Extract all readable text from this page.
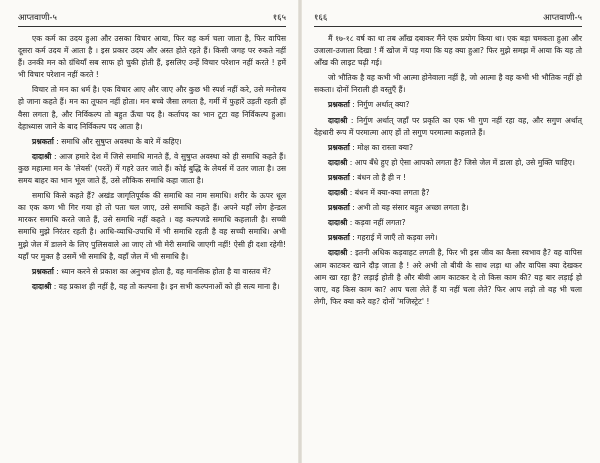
आप्तवाणी-५	१६५

एक कर्म का उदय हुआ और उसका विचार आया, फिर वह कर्म चला जाता है, फिर वापिस दूसरा कर्म उदय में आता है । इस प्रकार उदय और अस्त होते रहते हैं। किसी जगह पर रुकते नहीं हैं। उनकी मन को ग्रंथियाँ सब साफ हो चुकी होती हैं, इसलिए उन्हें विचार परेशान नहीं करते ! हमें भी विचार परेशान नहीं करते !

विचार तो मन का धर्म है। एक विचार आए और जाए और कुछ भी स्पर्श नहीं करे, उसे मनोलय हो जाना कहते हैं। मन का तूफान नहीं होता। मन बच्चे जैसा लगता है, गर्मी में फुहारें उड़ती रहती हों वैसा लगता है, और निर्विकल्प तो बहुत ऊँचा पद है। कर्तापद का भान टूटा वह निर्विकल्प हुआ। देहाध्यास जाने के बाद निर्विकल्प पद आता है।

प्रश्नकर्ता : समाधि और सुषुप्त अवस्था के बारे में कहिए।

दादाश्री : आज हमारे देश में जिसे समाधि मानते हैं, वे सुषुप्त अवस्था को ही समाधि कहते हैं। कुछ महात्मा मन के 'लेयर्स' (परतें) में गहरे उतर जाते हैं। कोई बुद्धि के लेयर्स में उतर जाता है। उस समय बाहर का भान भूल जाते हैं, उसे लौकिक समाधि कहा जाता है।

समाधि किसे कहते हैं? अखंड जागृतिपूर्वक की समाधि का नाम समाधि। शरीर के ऊपर धूल का एक कण भी गिर गया हो तो पता चल जाए, उसे समाधि कहते हैं। अपने यहाँ लोग हेन्डल मारकर समाधि करते जाते हैं, उसे समाधि नहीं कहते । वह कल्पजडे समाधि कहलाती है। सच्ची समाधि मुझे निरंतर रहती है। आधि-व्याधि-उपाधि में भी समाधि रहती है वह सच्ची समाधि। अभी मुझे जेल में डालने के लिए पुलिसवाले आ जाए तो भी मेरी समाधि जाएगी नहीं! ऐसी ही दशा रहेगी! यहाँ पर मुक्त है उसमें भी समाधि है, वहाँ जेल में भी समाधि है।

प्रश्नकर्ता : ध्यान करने से प्रकाश का अनुभव होता है, वह मानसिक होता है या वास्तव में?

दादाश्री : वह प्रकाश ही नहीं है, वह तो कल्पना है। इन सभी कल्पनाओं को ही सत्य माना है।

१६६	आप्तवाणी-५

मैं १७-१८ वर्ष का था तब आँख दबाकर मैंने एक प्रयोग किया था। एक बड़ा चमकता हुआ और उजाला-उजाला दिखा ! मैं खोज में पड़ गया कि यह क्या हुआ? फिर मुझे समझ में आया कि यह तो आँख की लाइट चढ़ी गई।

जो भौतिक है वह कभी भी आत्मा होनेवाला नहीं है, जो आत्मा है वह कभी भी भौतिक नहीं हो सकता। दोनों निराली ही वस्तुएँ हैं।

प्रश्नकर्ता : निर्गुण अर्थात् क्या?

दादाश्री : निर्गुण अर्थात् जहाँ पर प्रकृति का एक भी गुण नहीं रहा वह, और सगुण अर्थात् देहधारी रूप में परमात्मा आए हों तो सगुण परमात्मा कहलाते हैं।

प्रश्नकर्ता : मोक्ष का रास्ता क्या?

दादाश्री : आप बँधे हुए हो ऐसा आपको लगता है? जिसे जेल में डाला हो, उसे मुक्ति चाहिए।

प्रश्नकर्ता : बंधन तो है ही न !

दादाश्री : बंधन में क्या-क्या लगता है?

प्रश्नकर्ता : अभी तो यह संसार बहुत अच्छा लगता है।

दादाश्री : कड़वा नहीं लगता?

प्रश्नकर्ता : गहराई में जाएँ तो कड़वा लगे।

दादाश्री : इतनी अधिक कड़वाहट लगती है, फिर भी इस जीव का कैसा स्वभाव है? वह वापिस आम काटकर खाने दौड़ जाता है ! अरे अभी तो बीवी के साथ लड़ा था और वापिस क्या देखकर आम खा रहा है? लड़ाई होती है और बीवी आम काटकर दे तो किस काम की? यह बार लड़ाई हो जाए, वह किस काम का? आप चला लेते हैं या नहीं चला लेते? फिर आप लड़ो तो वह भी चला लेगी, फिर क्या करे वह? दोनों 'मजिस्ट्रेट' !
